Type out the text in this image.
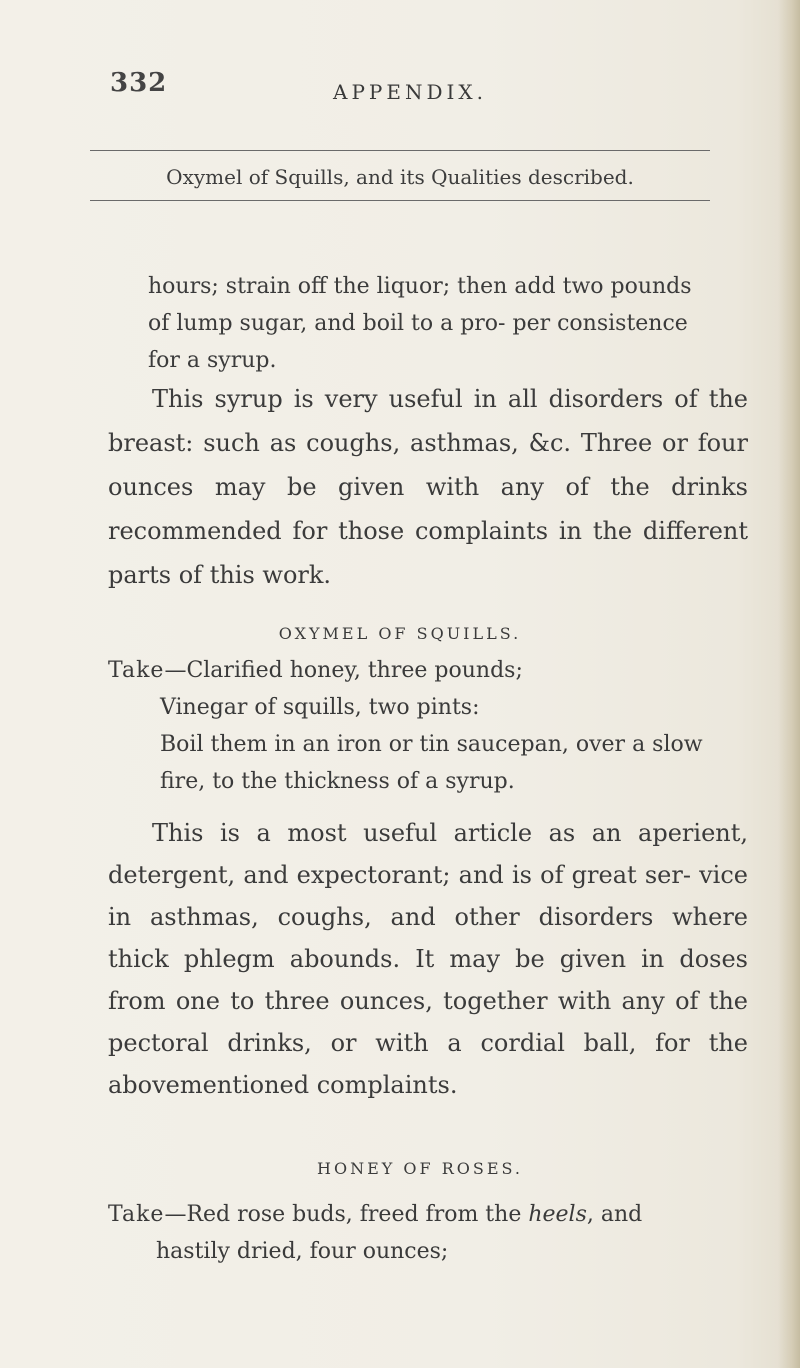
332	APPENDIX.
Oxymel of Squills, and its Qualities described.

hours; strain off the liquor; then add two pounds of lump sugar, and boil to a pro- per consistence for a syrup.

This syrup is very useful in all disorders of the breast: such as coughs, asthmas, &c. Three or four ounces may be given with any of the drinks recommended for those complaints in the different parts of this work.

OXYMEL OF SQUILLS.

Take—Clarified honey, three pounds;
Vinegar of squills, two pints:
Boil them in an iron or tin saucepan, over a slow fire, to the thickness of a syrup.

This is a most useful article as an aperient, detergent, and expectorant; and is of great ser- vice in asthmas, coughs, and other disorders where thick phlegm abounds. It may be given in doses from one to three ounces, together with any of the pectoral drinks, or with a cordial ball, for the abovementioned complaints.

HONEY OF ROSES.

Take—Red rose buds, freed from the heels, and
hastily dried, four ounces;
